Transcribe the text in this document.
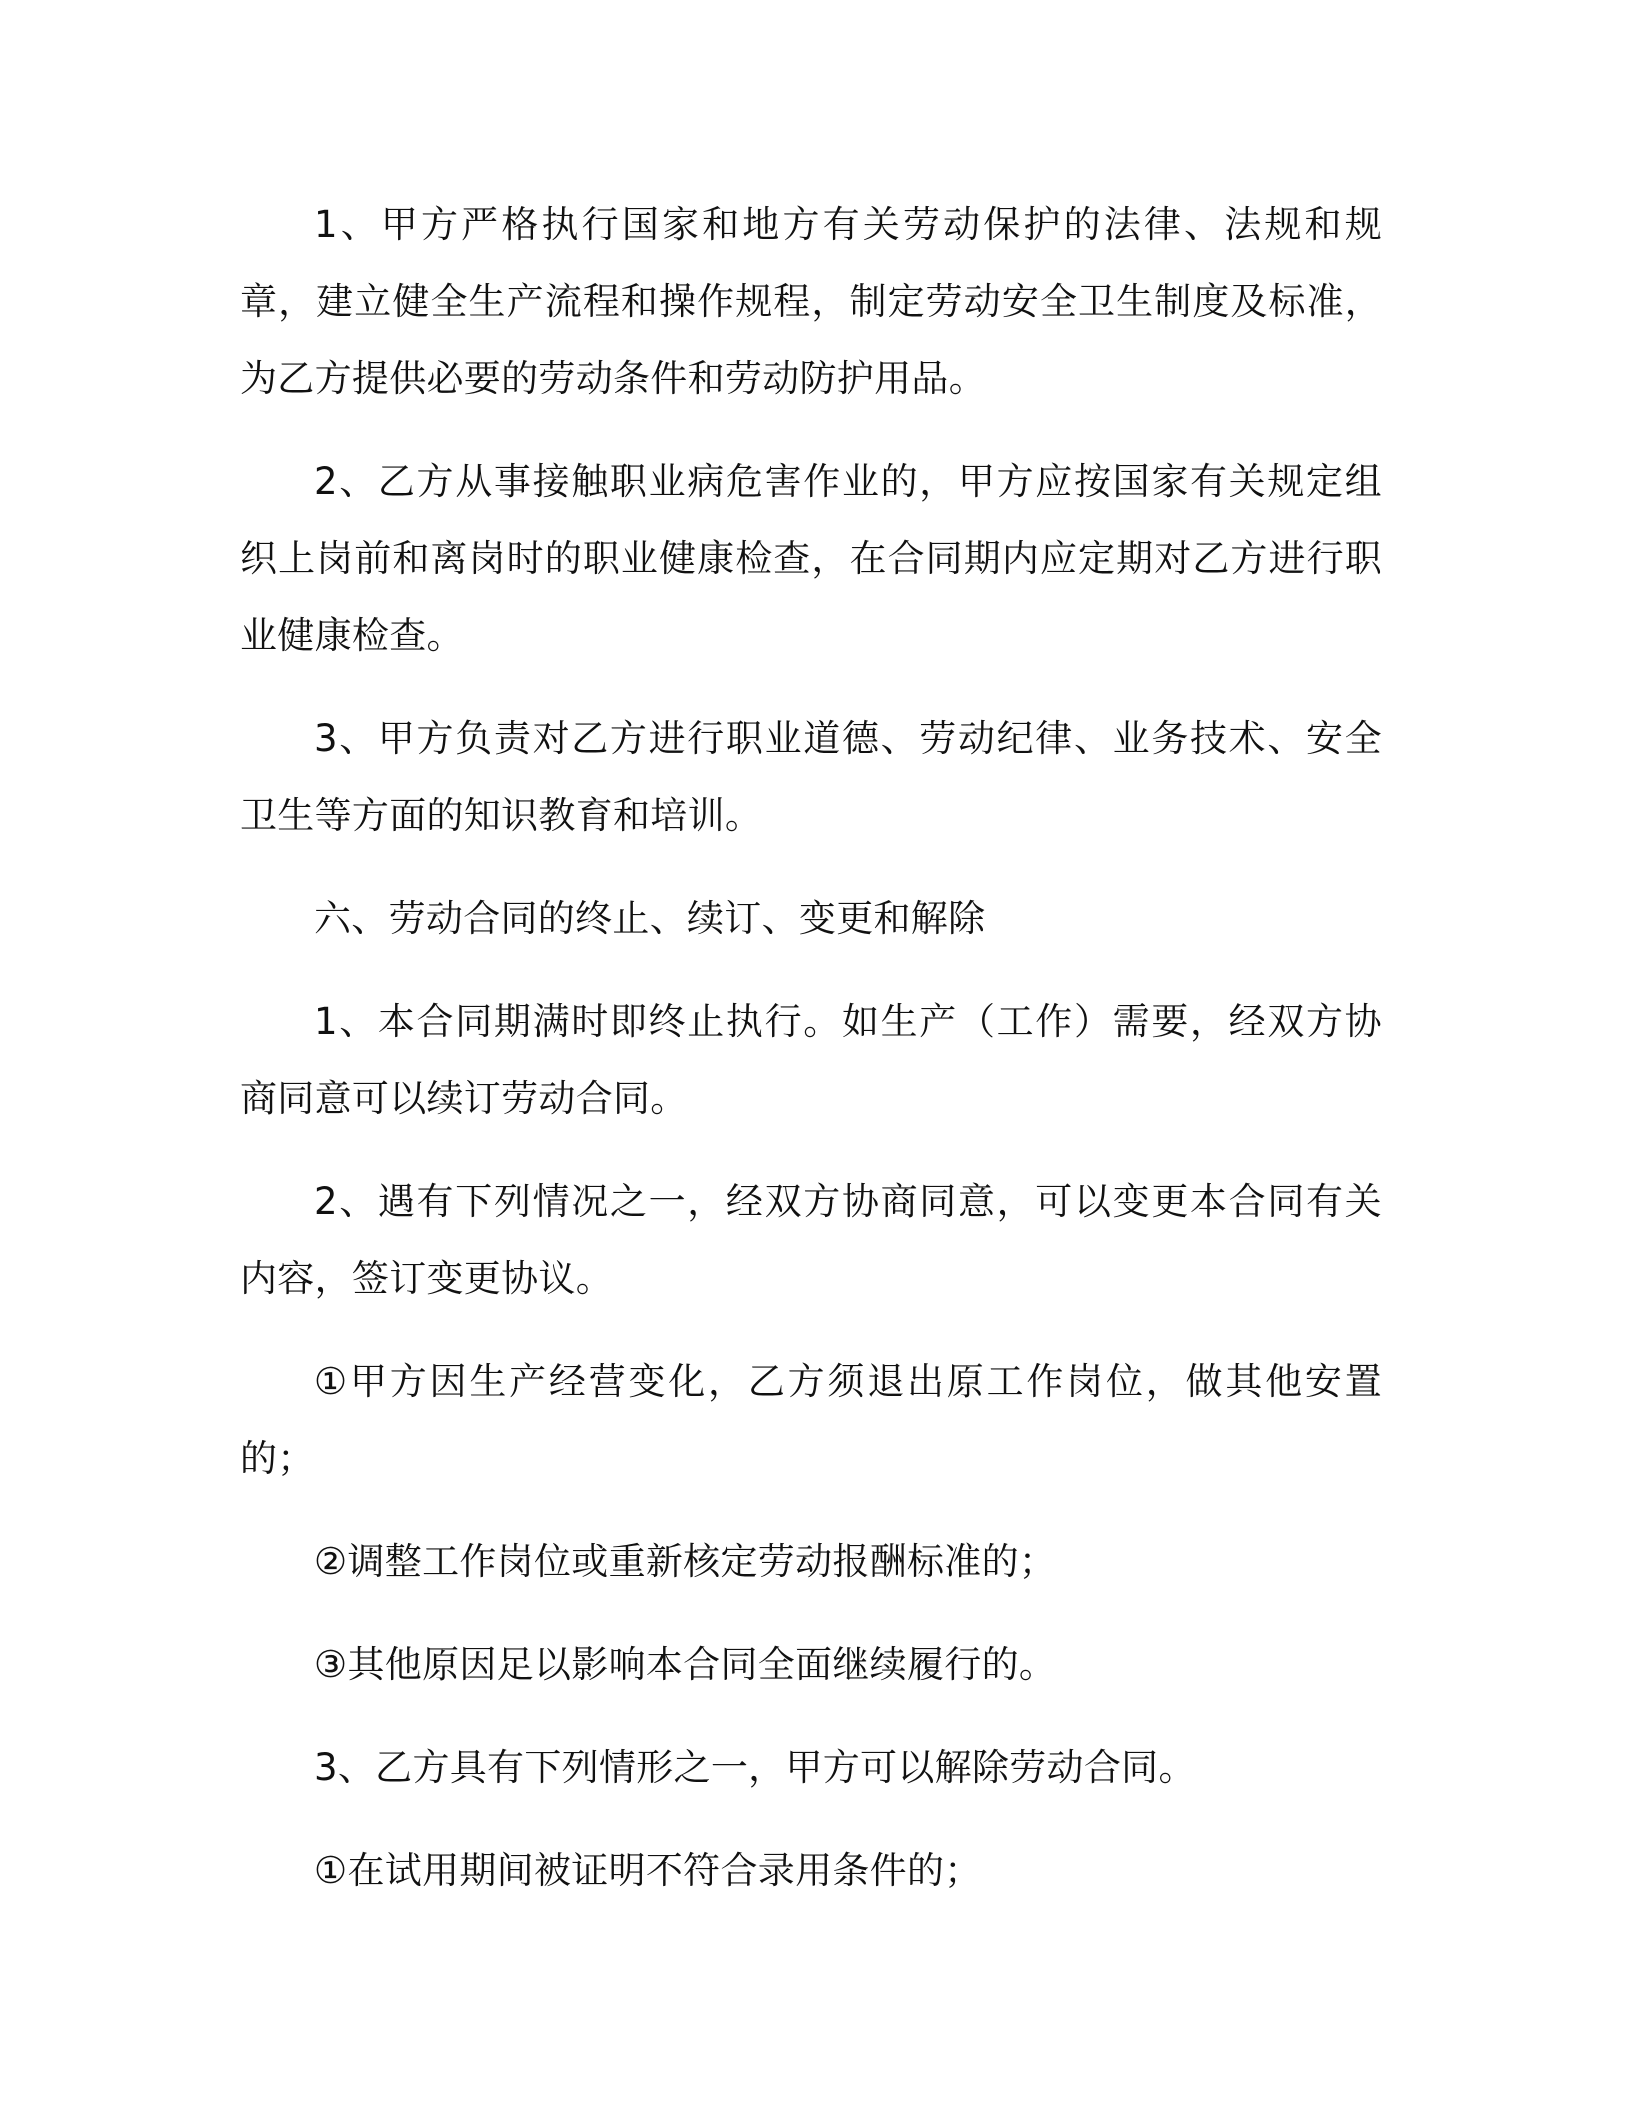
1、甲方严格执行国家和地方有关劳动保护的法律、法规和规章，建立健全生产流程和操作规程，制定劳动安全卫生制度及标准，为乙方提供必要的劳动条件和劳动防护用品。

2、乙方从事接触职业病危害作业的，甲方应按国家有关规定组织上岗前和离岗时的职业健康检查，在合同期内应定期对乙方进行职业健康检查。

3、甲方负责对乙方进行职业道德、劳动纪律、业务技术、安全卫生等方面的知识教育和培训。

六、劳动合同的终止、续订、变更和解除

1、本合同期满时即终止执行。如生产（工作）需要，经双方协商同意可以续订劳动合同。

2、遇有下列情况之一，经双方协商同意，可以变更本合同有关内容，签订变更协议。

①甲方因生产经营变化，乙方须退出原工作岗位，做其他安置的；

②调整工作岗位或重新核定劳动报酬标准的；

③其他原因足以影响本合同全面继续履行的。

3、乙方具有下列情形之一，甲方可以解除劳动合同。

①在试用期间被证明不符合录用条件的；
